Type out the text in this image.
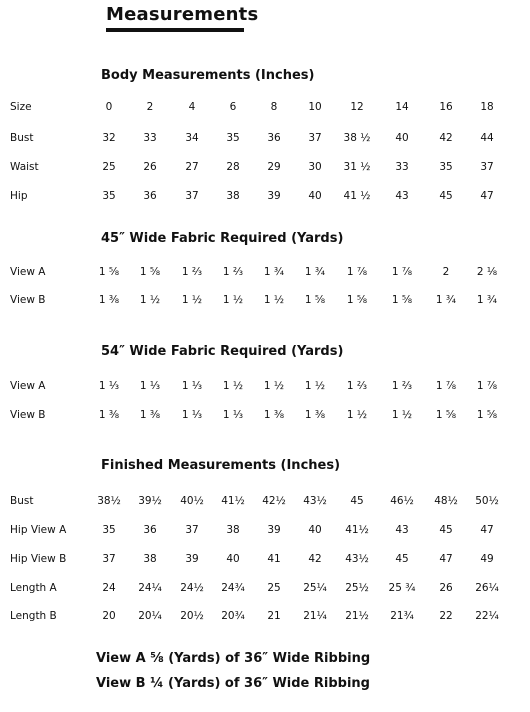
Measurements
Body Measurements (Inches)
Size	0	2	4	6	8	10	12	14	16	18
Bust	32	33	34	35	36	37	38 ½	40	42	44
Waist	25	26	27	28	29	30	31 ½	33	35	37
Hip	35	36	37	38	39	40	41 ½	43	45	47
45″ Wide Fabric Required (Yards)
View A	1 ⅝	1 ⅝	1 ⅔	1 ⅔	1 ¾	1 ¾	1 ⅞	1 ⅞	2	2 ⅛
View B	1 ⅜	1 ½	1 ½	1 ½	1 ½	1 ⅝	1 ⅝	1 ⅝	1 ¾	1 ¾
54″ Wide Fabric Required (Yards)
View A	1 ⅓	1 ⅓	1 ⅓	1 ½	1 ½	1 ½	1 ⅔	1 ⅔	1 ⅞	1 ⅞
View B	1 ⅜	1 ⅜	1 ⅓	1 ⅓	1 ⅜	1 ⅜	1 ½	1 ½	1 ⅝	1 ⅝
Finished Measurements (Inches)
Bust	38½	39½	40½	41½	42½	43½	45	46½	48½	50½
Hip View A	35	36	37	38	39	40	41½	43	45	47
Hip View B	37	38	39	40	41	42	43½	45	47	49
Length A	24	24¼	24½	24¾	25	25¼	25½	25 ¾	26	26¼
Length B	20	20¼	20½	20¾	21	21¼	21½	21¾	22	22¼
View A ⅝ (Yards) of 36″ Wide Ribbing
View B ¼ (Yards) of 36″ Wide Ribbing
